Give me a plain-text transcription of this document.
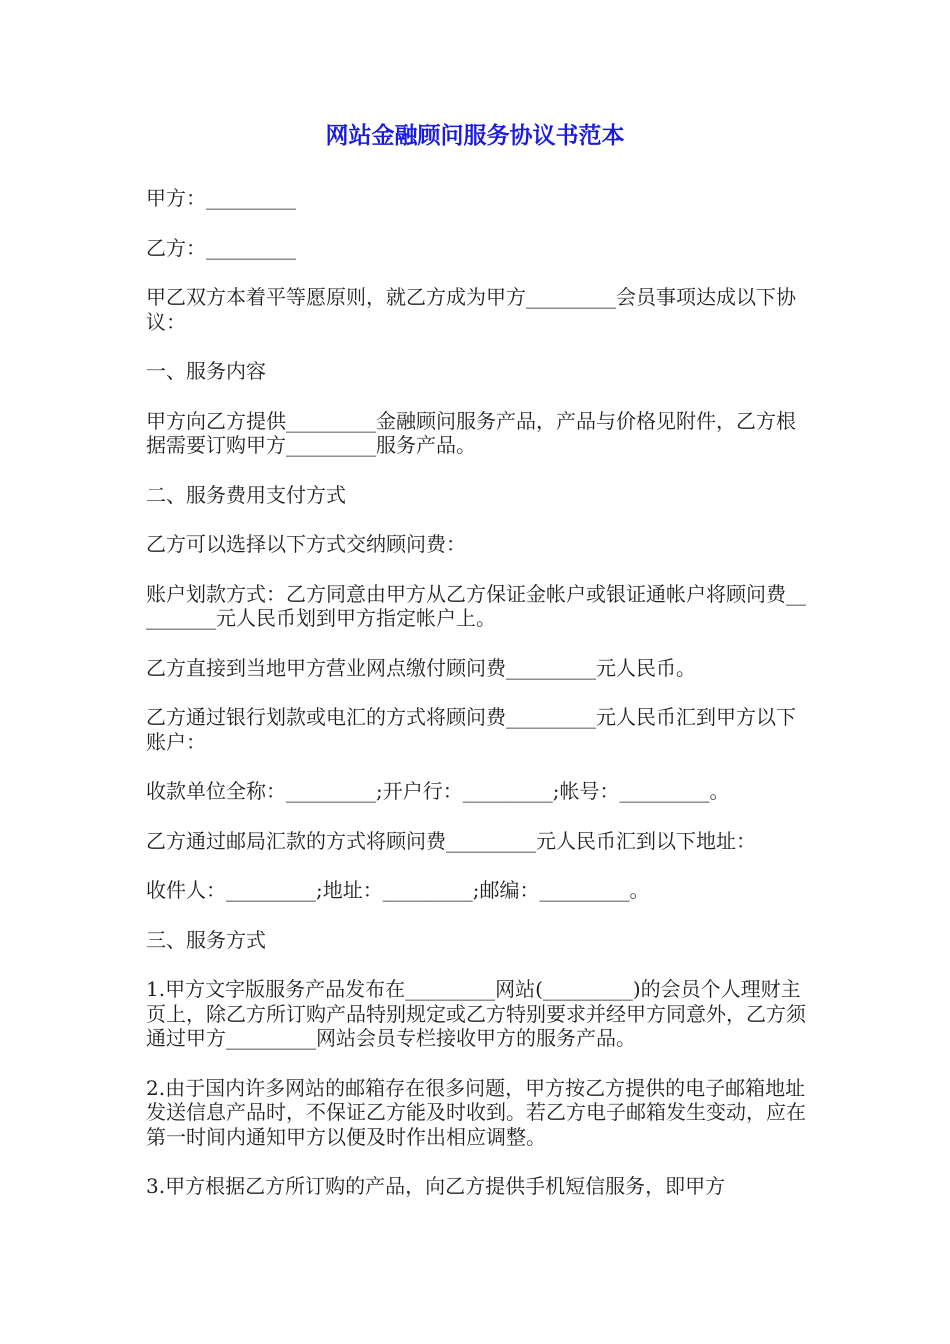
网站金融顾问服务协议书范本

甲方：_________

乙方：_________

甲乙双方本着平等愿原则，就乙方成为甲方_________会员事项达成以下协议：

一、服务内容

甲方向乙方提供_________金融顾问服务产品，产品与价格见附件，乙方根据需要订购甲方_________服务产品。

二、服务费用支付方式

乙方可以选择以下方式交纳顾问费：

账户划款方式：乙方同意由甲方从乙方保证金帐户或银证通帐户将顾问费_________元人民币划到甲方指定帐户上。

乙方直接到当地甲方营业网点缴付顾问费_________元人民币。

乙方通过银行划款或电汇的方式将顾问费_________元人民币汇到甲方以下账户：

收款单位全称：_________;开户行：_________;帐号：_________。

乙方通过邮局汇款的方式将顾问费_________元人民币汇到以下地址：

收件人：_________;地址：_________;邮编：_________。

三、服务方式

1.甲方文字版服务产品发布在_________网站(_________)的会员个人理财主页上，除乙方所订购产品特别规定或乙方特别要求并经甲方同意外，乙方须通过甲方_________网站会员专栏接收甲方的服务产品。

2.由于国内许多网站的邮箱存在很多问题，甲方按乙方提供的电子邮箱地址发送信息产品时，不保证乙方能及时收到。若乙方电子邮箱发生变动，应在第一时间内通知甲方以便及时作出相应调整。

3.甲方根据乙方所订购的产品，向乙方提供手机短信服务，即甲方
